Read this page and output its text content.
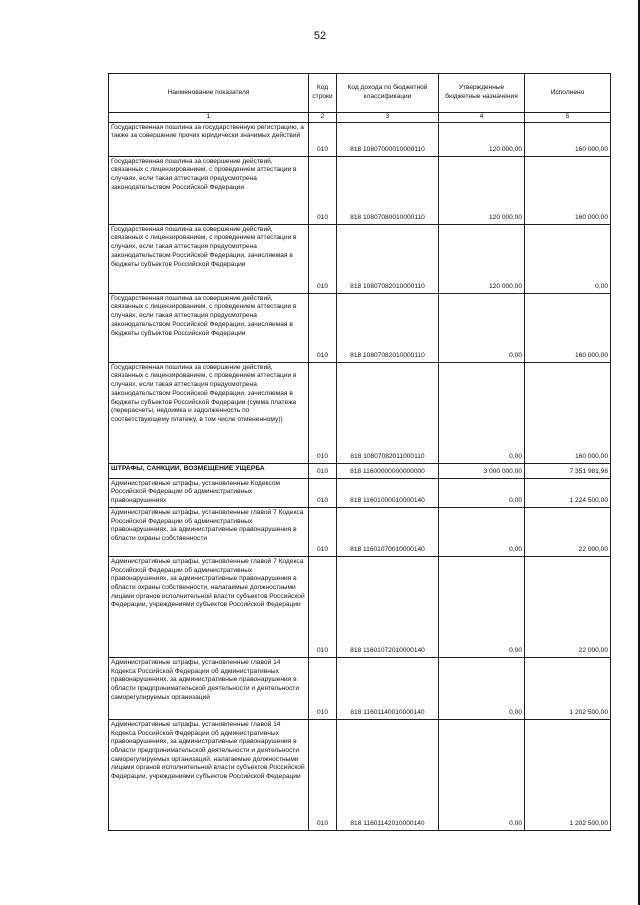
52
Наименование показателя	Код строки	Код дохода по бюджетной классификации	Утвержденные бюджетные назначения	Исполнено
1	2	3	4	5
Государственная пошлина за государственную регистрацию, а также за совершение прочих юридически значимых действий	010	818 10807000010000110	120 000,00	160 000,00
Государственная пошлина за совершение действий, связанных с лицензированием, с проведением аттестации в случаях, если такая аттестация предусмотрена законодательством Российской Федерации	010	818 10807080010000110	120 000,00	160 000,00
Государственная пошлина за совершение действий, связанных с лицензированием, с проведением аттестации в случаях, если такая аттестация предусмотрена законодательством Российской Федерации, зачисляемая в бюджеты субъектов Российской Федерации	010	818 10807082010000110	120 000,00	0,00
Государственная пошлина за совершение действий, связанных с лицензированием, с проведением аттестации в случаях, если такая аттестация предусмотрена законодательством Российской Федерации, зачисляемая в бюджеты субъектов Российской Федерации	010	818 10807082010000110	0,00	160 000,00
Государственная пошлина за совершение действий, связанных с лицензированием, с проведением аттестации в случаях, если такая аттестация предусмотрена законодательством Российской Федерации, зачисляемая в бюджеты субъектов Российской Федерации (сумма платежа (перерасчеты, недоимка и задолженность по соответствующему платежу, в том числе отмененному))	010	818 10807082011000110	0,00	160 000,00
ШТРАФЫ, САНКЦИИ, ВОЗМЕЩЕНИЕ УЩЕРБА	010	818 11600000000000000	3 000 000,00	7 351 981,96
Административные штрафы, установленные Кодексом Российской Федерации об административных правонарушениях	010	818 11601000010000140	0,00	1 224 500,00
Административные штрафы, установленные главой 7 Кодекса Российской Федерации об административных правонарушениях, за административные правонарушения в области охраны собственности	010	818 11601070010000140	0,00	22 000,00
Административные штрафы, установленные главой 7 Кодекса Российской Федерации об административных правонарушениях, за административные правонарушения в области охраны собственности, налагаемые должностными лицами органов исполнительной власти субъектов Российской Федерации, учреждениями субъектов Российской Федерации	010	818 11601072010000140	0,00	22 000,00
Административные штрафы, установленные главой 14 Кодекса Российской Федерации об административных правонарушениях, за административные правонарушения в области предпринимательской деятельности и деятельности саморегулируемых организаций	010	818 11601140010000140	0,00	1 202 500,00
Административные штрафы, установленные главой 14 Кодекса Российской Федерации об административных правонарушениях, за административные правонарушения в области предпринимательской деятельности и деятельности саморегулируемых организаций, налагаемые должностными лицами органов исполнительной власти субъектов Российской Федерации, учреждениями субъектов Российской Федерации	010	818 11601142010000140	0,00	1 202 500,00
